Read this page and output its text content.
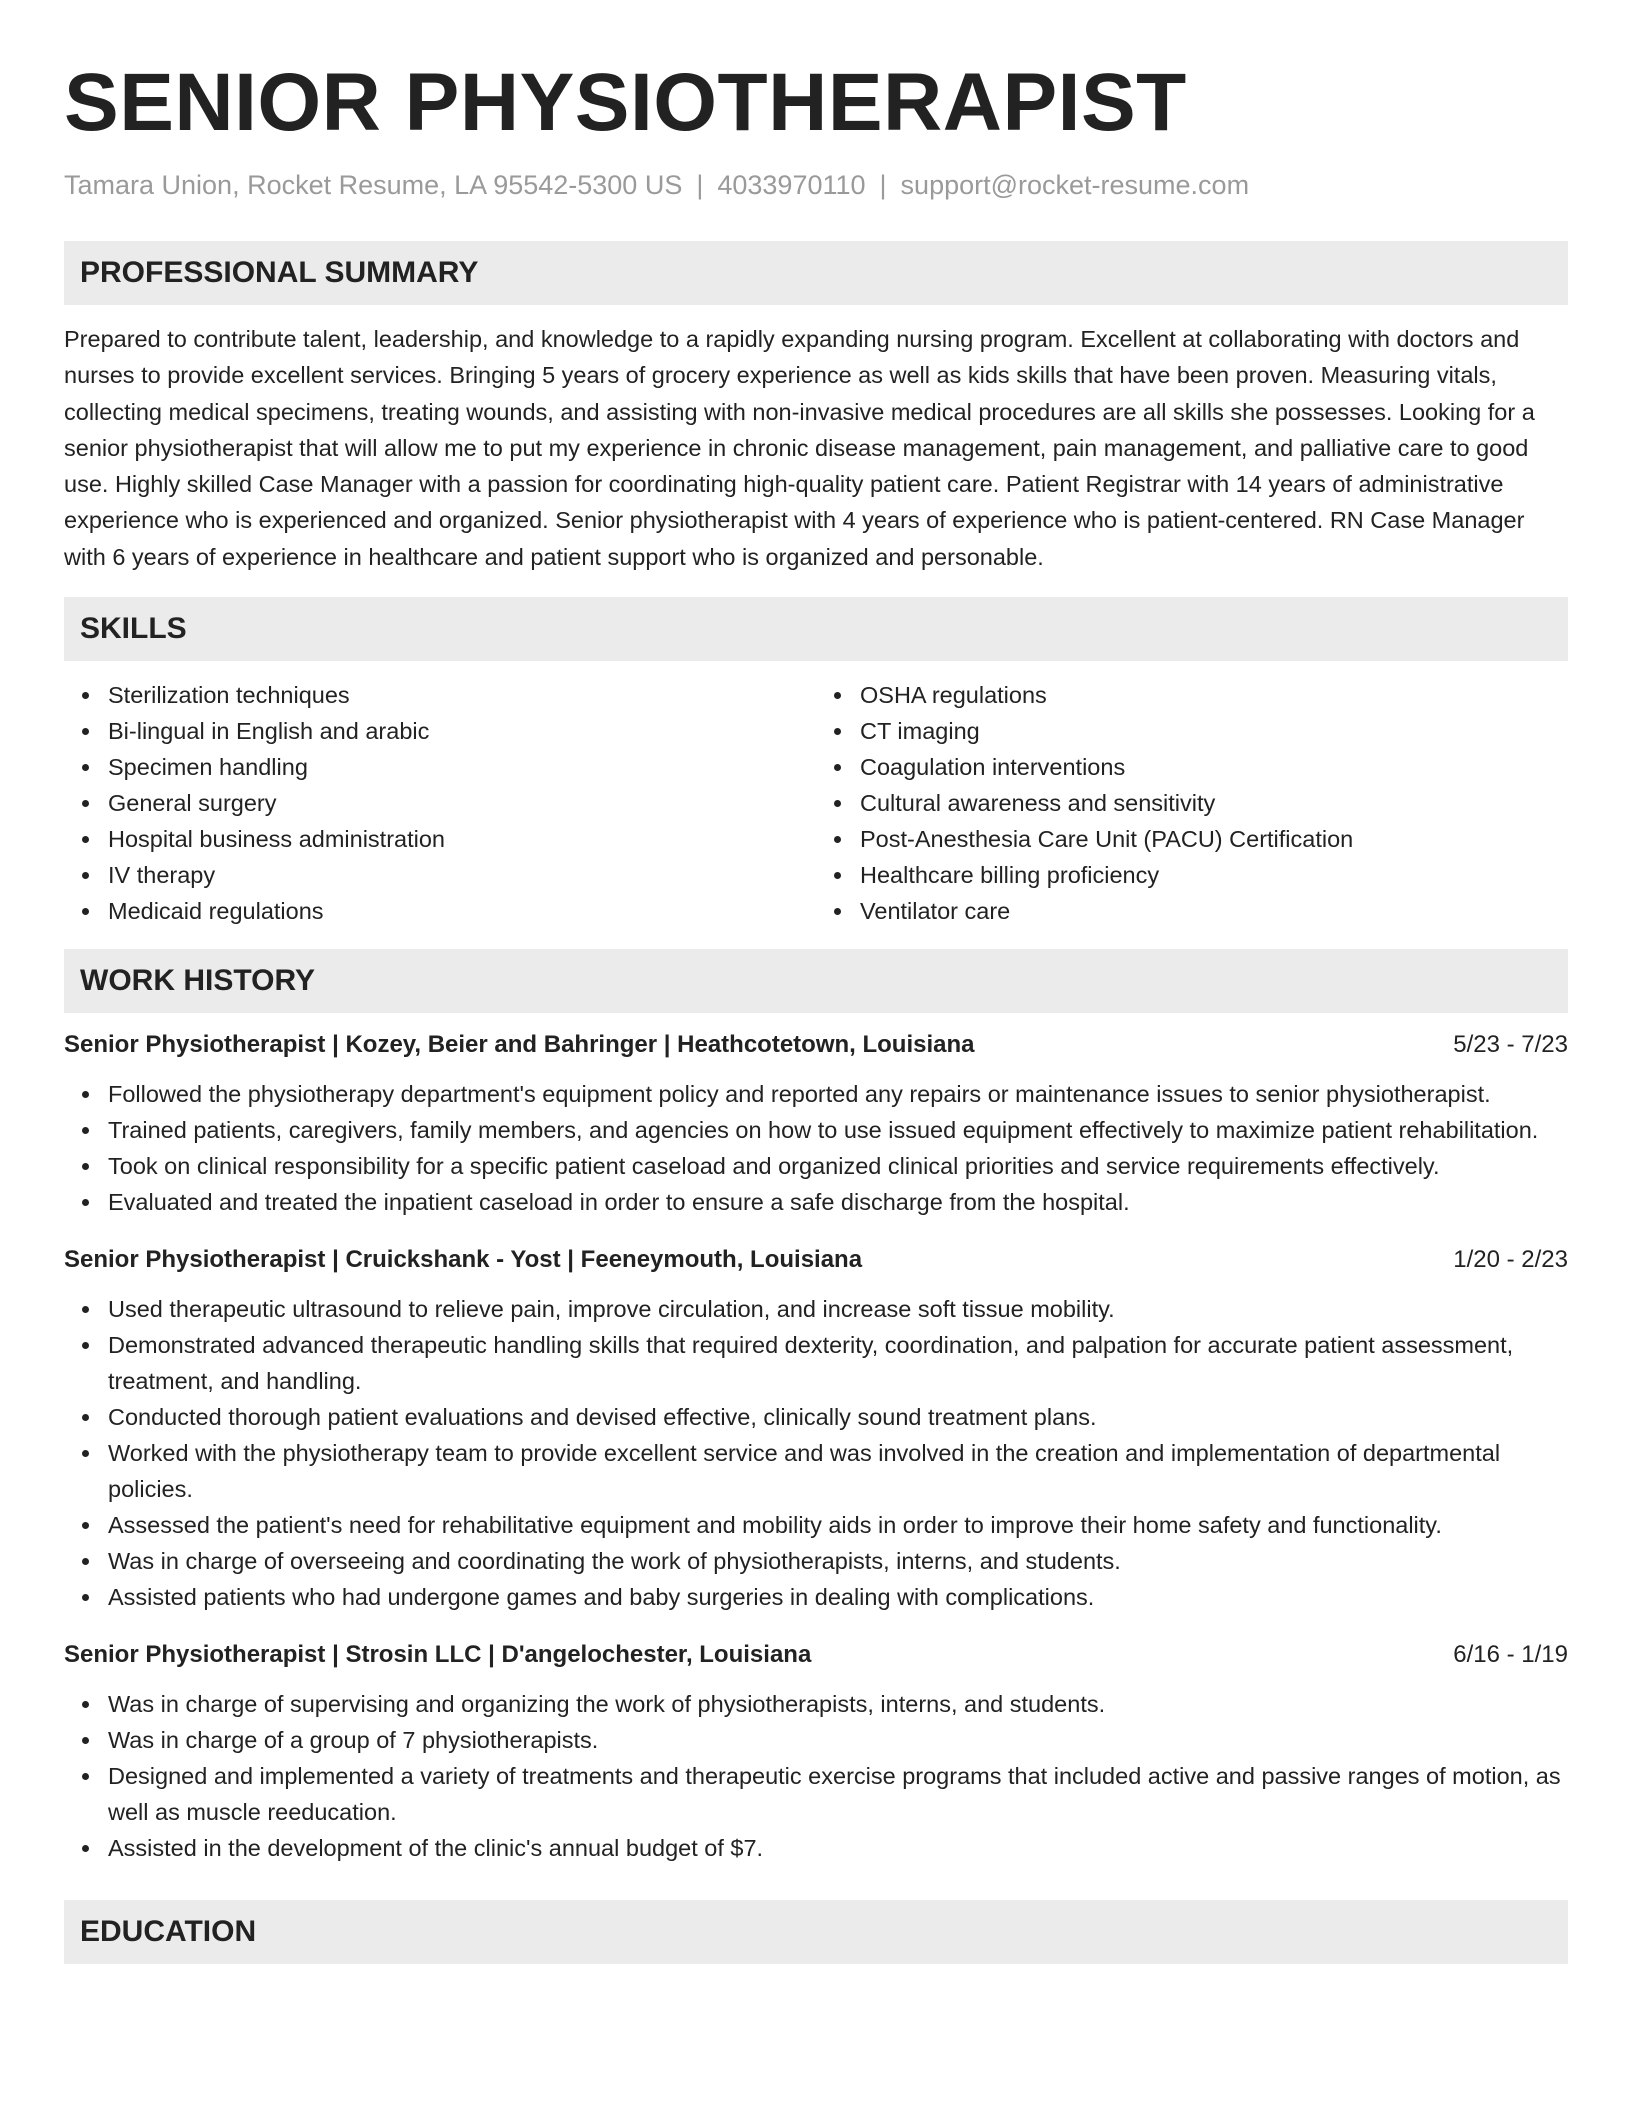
SENIOR PHYSIOTHERAPIST
Tamara Union, Rocket Resume, LA 95542-5300 US | 4033970110 | support@rocket-resume.com
PROFESSIONAL SUMMARY

Prepared to contribute talent, leadership, and knowledge to a rapidly expanding nursing program. Excellent at collaborating with doctors and nurses to provide excellent services. Bringing 5 years of grocery experience as well as kids skills that have been proven. Measuring vitals, collecting medical specimens, treating wounds, and assisting with non-invasive medical procedures are all skills she possesses. Looking for a senior physiotherapist that will allow me to put my experience in chronic disease management, pain management, and palliative care to good use. Highly skilled Case Manager with a passion for coordinating high-quality patient care. Patient Registrar with 14 years of administrative experience who is experienced and organized. Senior physiotherapist with 4 years of experience who is patient-centered. RN Case Manager with 6 years of experience in healthcare and patient support who is organized and personable.

SKILLS
Sterilization techniques
Bi-lingual in English and arabic
Specimen handling
General surgery
Hospital business administration
IV therapy
Medicaid regulations
OSHA regulations
CT imaging
Coagulation interventions
Cultural awareness and sensitivity
Post-Anesthesia Care Unit (PACU) Certification
Healthcare billing proficiency
Ventilator care
WORK HISTORY
Senior Physiotherapist | Kozey, Beier and Bahringer | Heathcotetown, Louisiana	5/23 - 7/23
Followed the physiotherapy department's equipment policy and reported any repairs or maintenance issues to senior physiotherapist.
Trained patients, caregivers, family members, and agencies on how to use issued equipment effectively to maximize patient rehabilitation.
Took on clinical responsibility for a specific patient caseload and organized clinical priorities and service requirements effectively.
Evaluated and treated the inpatient caseload in order to ensure a safe discharge from the hospital.
Senior Physiotherapist | Cruickshank - Yost | Feeneymouth, Louisiana	1/20 - 2/23
Used therapeutic ultrasound to relieve pain, improve circulation, and increase soft tissue mobility.
Demonstrated advanced therapeutic handling skills that required dexterity, coordination, and palpation for accurate patient assessment, treatment, and handling.
Conducted thorough patient evaluations and devised effective, clinically sound treatment plans.
Worked with the physiotherapy team to provide excellent service and was involved in the creation and implementation of departmental policies.
Assessed the patient's need for rehabilitative equipment and mobility aids in order to improve their home safety and functionality.
Was in charge of overseeing and coordinating the work of physiotherapists, interns, and students.
Assisted patients who had undergone games and baby surgeries in dealing with complications.
Senior Physiotherapist | Strosin LLC | D'angelochester, Louisiana	6/16 - 1/19
Was in charge of supervising and organizing the work of physiotherapists, interns, and students.
Was in charge of a group of 7 physiotherapists.
Designed and implemented a variety of treatments and therapeutic exercise programs that included active and passive ranges of motion, as well as muscle reeducation.
Assisted in the development of the clinic's annual budget of $7.
EDUCATION
